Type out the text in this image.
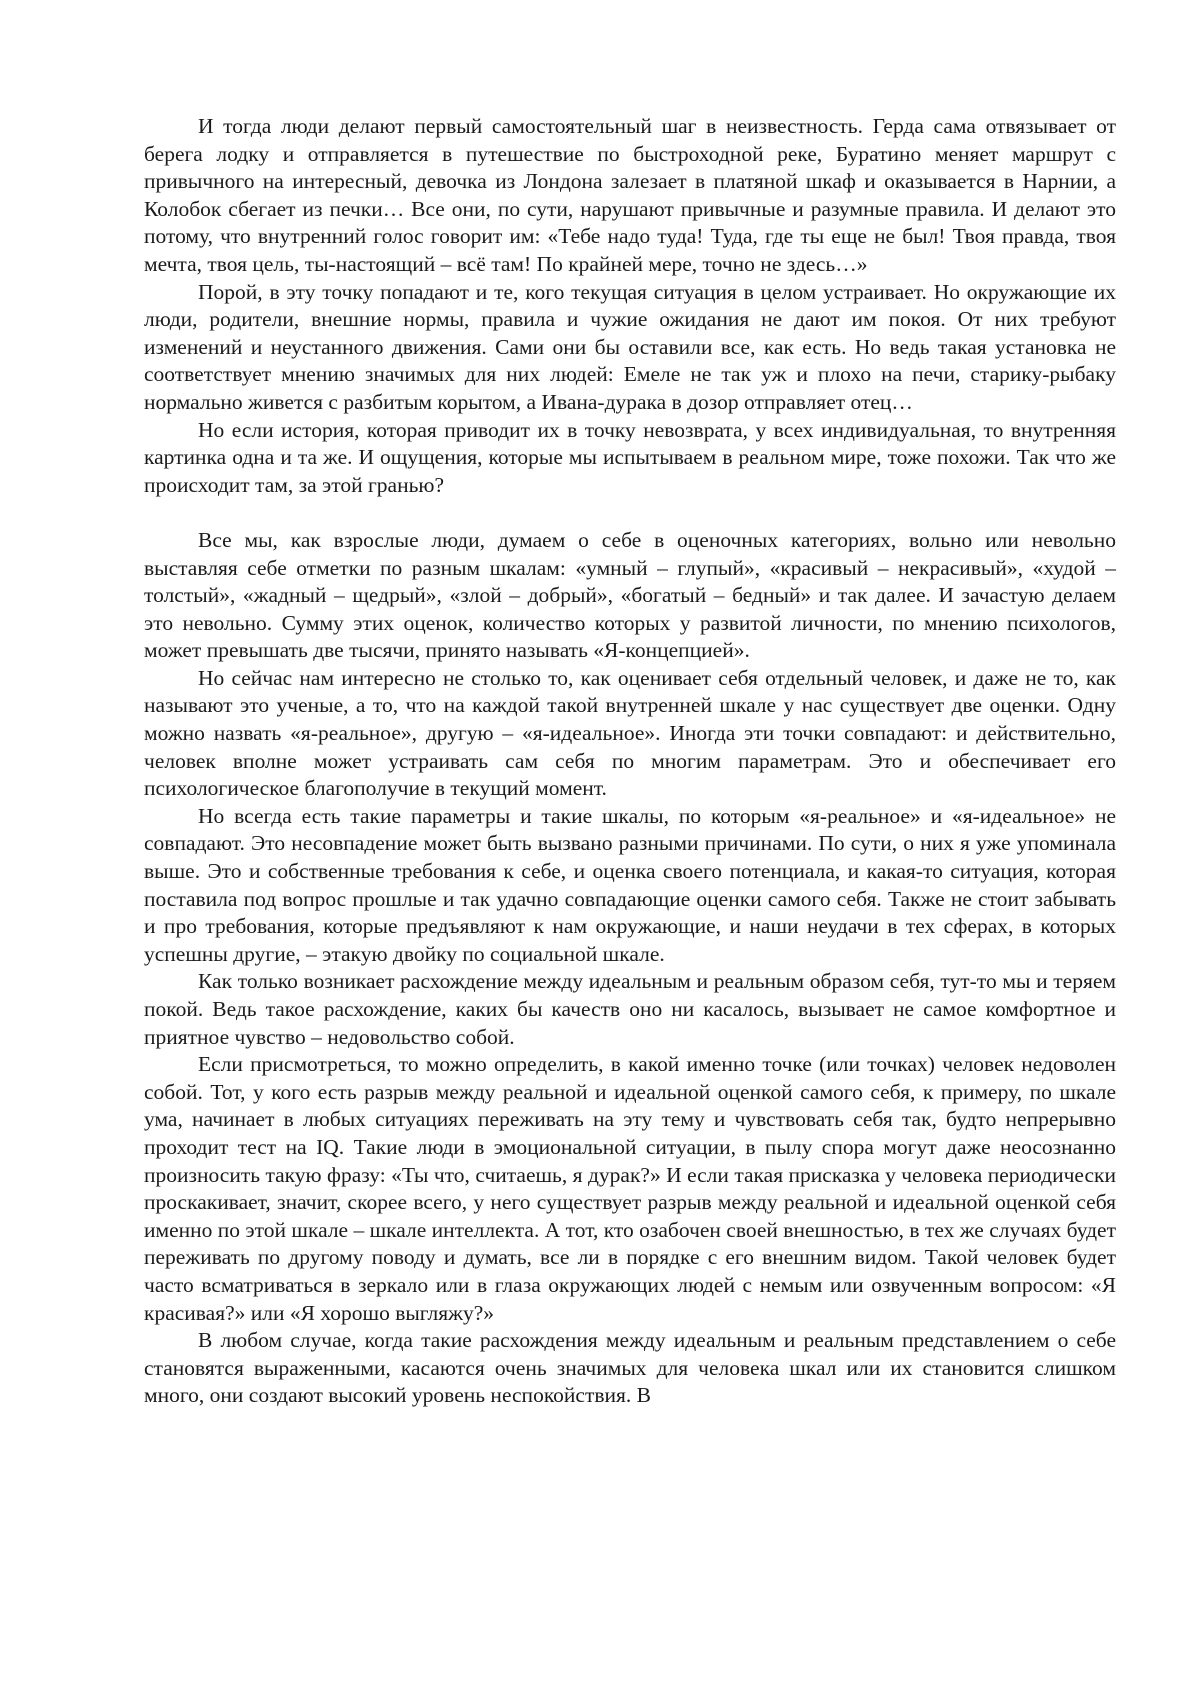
И тогда люди делают первый самостоятельный шаг в неизвестность. Герда сама отвязывает от берега лодку и отправляется в путешествие по быстроходной реке, Буратино меняет маршрут с привычного на интересный, девочка из Лондона залезает в платяной шкаф и оказывается в Нарнии, а Колобок сбегает из печки… Все они, по сути, нарушают привычные и разумные правила. И делают это потому, что внутренний голос говорит им: «Тебе надо туда! Туда, где ты еще не был! Твоя правда, твоя мечта, твоя цель, ты-настоящий – всё там! По крайней мере, точно не здесь…»

Порой, в эту точку попадают и те, кого текущая ситуация в целом устраивает. Но окружающие их люди, родители, внешние нормы, правила и чужие ожидания не дают им покоя. От них требуют изменений и неустанного движения. Сами они бы оставили все, как есть. Но ведь такая установка не соответствует мнению значимых для них людей: Емеле не так уж и плохо на печи, старику-рыбаку нормально живется с разбитым корытом, а Ивана-дурака в дозор отправляет отец…

Но если история, которая приводит их в точку невозврата, у всех индивидуальная, то внутренняя картинка одна и та же. И ощущения, которые мы испытываем в реальном мире, тоже похожи. Так что же происходит там, за этой гранью?

Все мы, как взрослые люди, думаем о себе в оценочных категориях, вольно или невольно выставляя себе отметки по разным шкалам: «умный – глупый», «красивый – некрасивый», «худой – толстый», «жадный – щедрый», «злой – добрый», «богатый – бедный» и так далее. И зачастую делаем это невольно. Сумму этих оценок, количество которых у развитой личности, по мнению психологов, может превышать две тысячи, принято называть «Я-концепцией».

Но сейчас нам интересно не столько то, как оценивает себя отдельный человек, и даже не то, как называют это ученые, а то, что на каждой такой внутренней шкале у нас существует две оценки. Одну можно назвать «я-реальное», другую – «я-идеальное». Иногда эти точки совпадают: и действительно, человек вполне может устраивать сам себя по многим параметрам. Это и обеспечивает его психологическое благополучие в текущий момент.

Но всегда есть такие параметры и такие шкалы, по которым «я-реальное» и «я-идеальное» не совпадают. Это несовпадение может быть вызвано разными причинами. По сути, о них я уже упоминала выше. Это и собственные требования к себе, и оценка своего потенциала, и какая-то ситуация, которая поставила под вопрос прошлые и так удачно совпадающие оценки самого себя. Также не стоит забывать и про требования, которые предъявляют к нам окружающие, и наши неудачи в тех сферах, в которых успешны другие, – этакую двойку по социальной шкале.

Как только возникает расхождение между идеальным и реальным образом себя, тут-то мы и теряем покой. Ведь такое расхождение, каких бы качеств оно ни касалось, вызывает не самое комфортное и приятное чувство – недовольство собой.

Если присмотреться, то можно определить, в какой именно точке (или точках) человек недоволен собой. Тот, у кого есть разрыв между реальной и идеальной оценкой самого себя, к примеру, по шкале ума, начинает в любых ситуациях переживать на эту тему и чувствовать себя так, будто непрерывно проходит тест на IQ. Такие люди в эмоциональной ситуации, в пылу спора могут даже неосознанно произносить такую фразу: «Ты что, считаешь, я дурак?» И если такая присказка у человека периодически проскакивает, значит, скорее всего, у него существует разрыв между реальной и идеальной оценкой себя именно по этой шкале – шкале интеллекта. А тот, кто озабочен своей внешностью, в тех же случаях будет переживать по другому поводу и думать, все ли в порядке с его внешним видом. Такой человек будет часто всматриваться в зеркало или в глаза окружающих людей с немым или озвученным вопросом: «Я красивая?» или «Я хорошо выгляжу?»

В любом случае, когда такие расхождения между идеальным и реальным представлением о себе становятся выраженными, касаются очень значимых для человека шкал или их становится слишком много, они создают высокий уровень неспокойствия. В
